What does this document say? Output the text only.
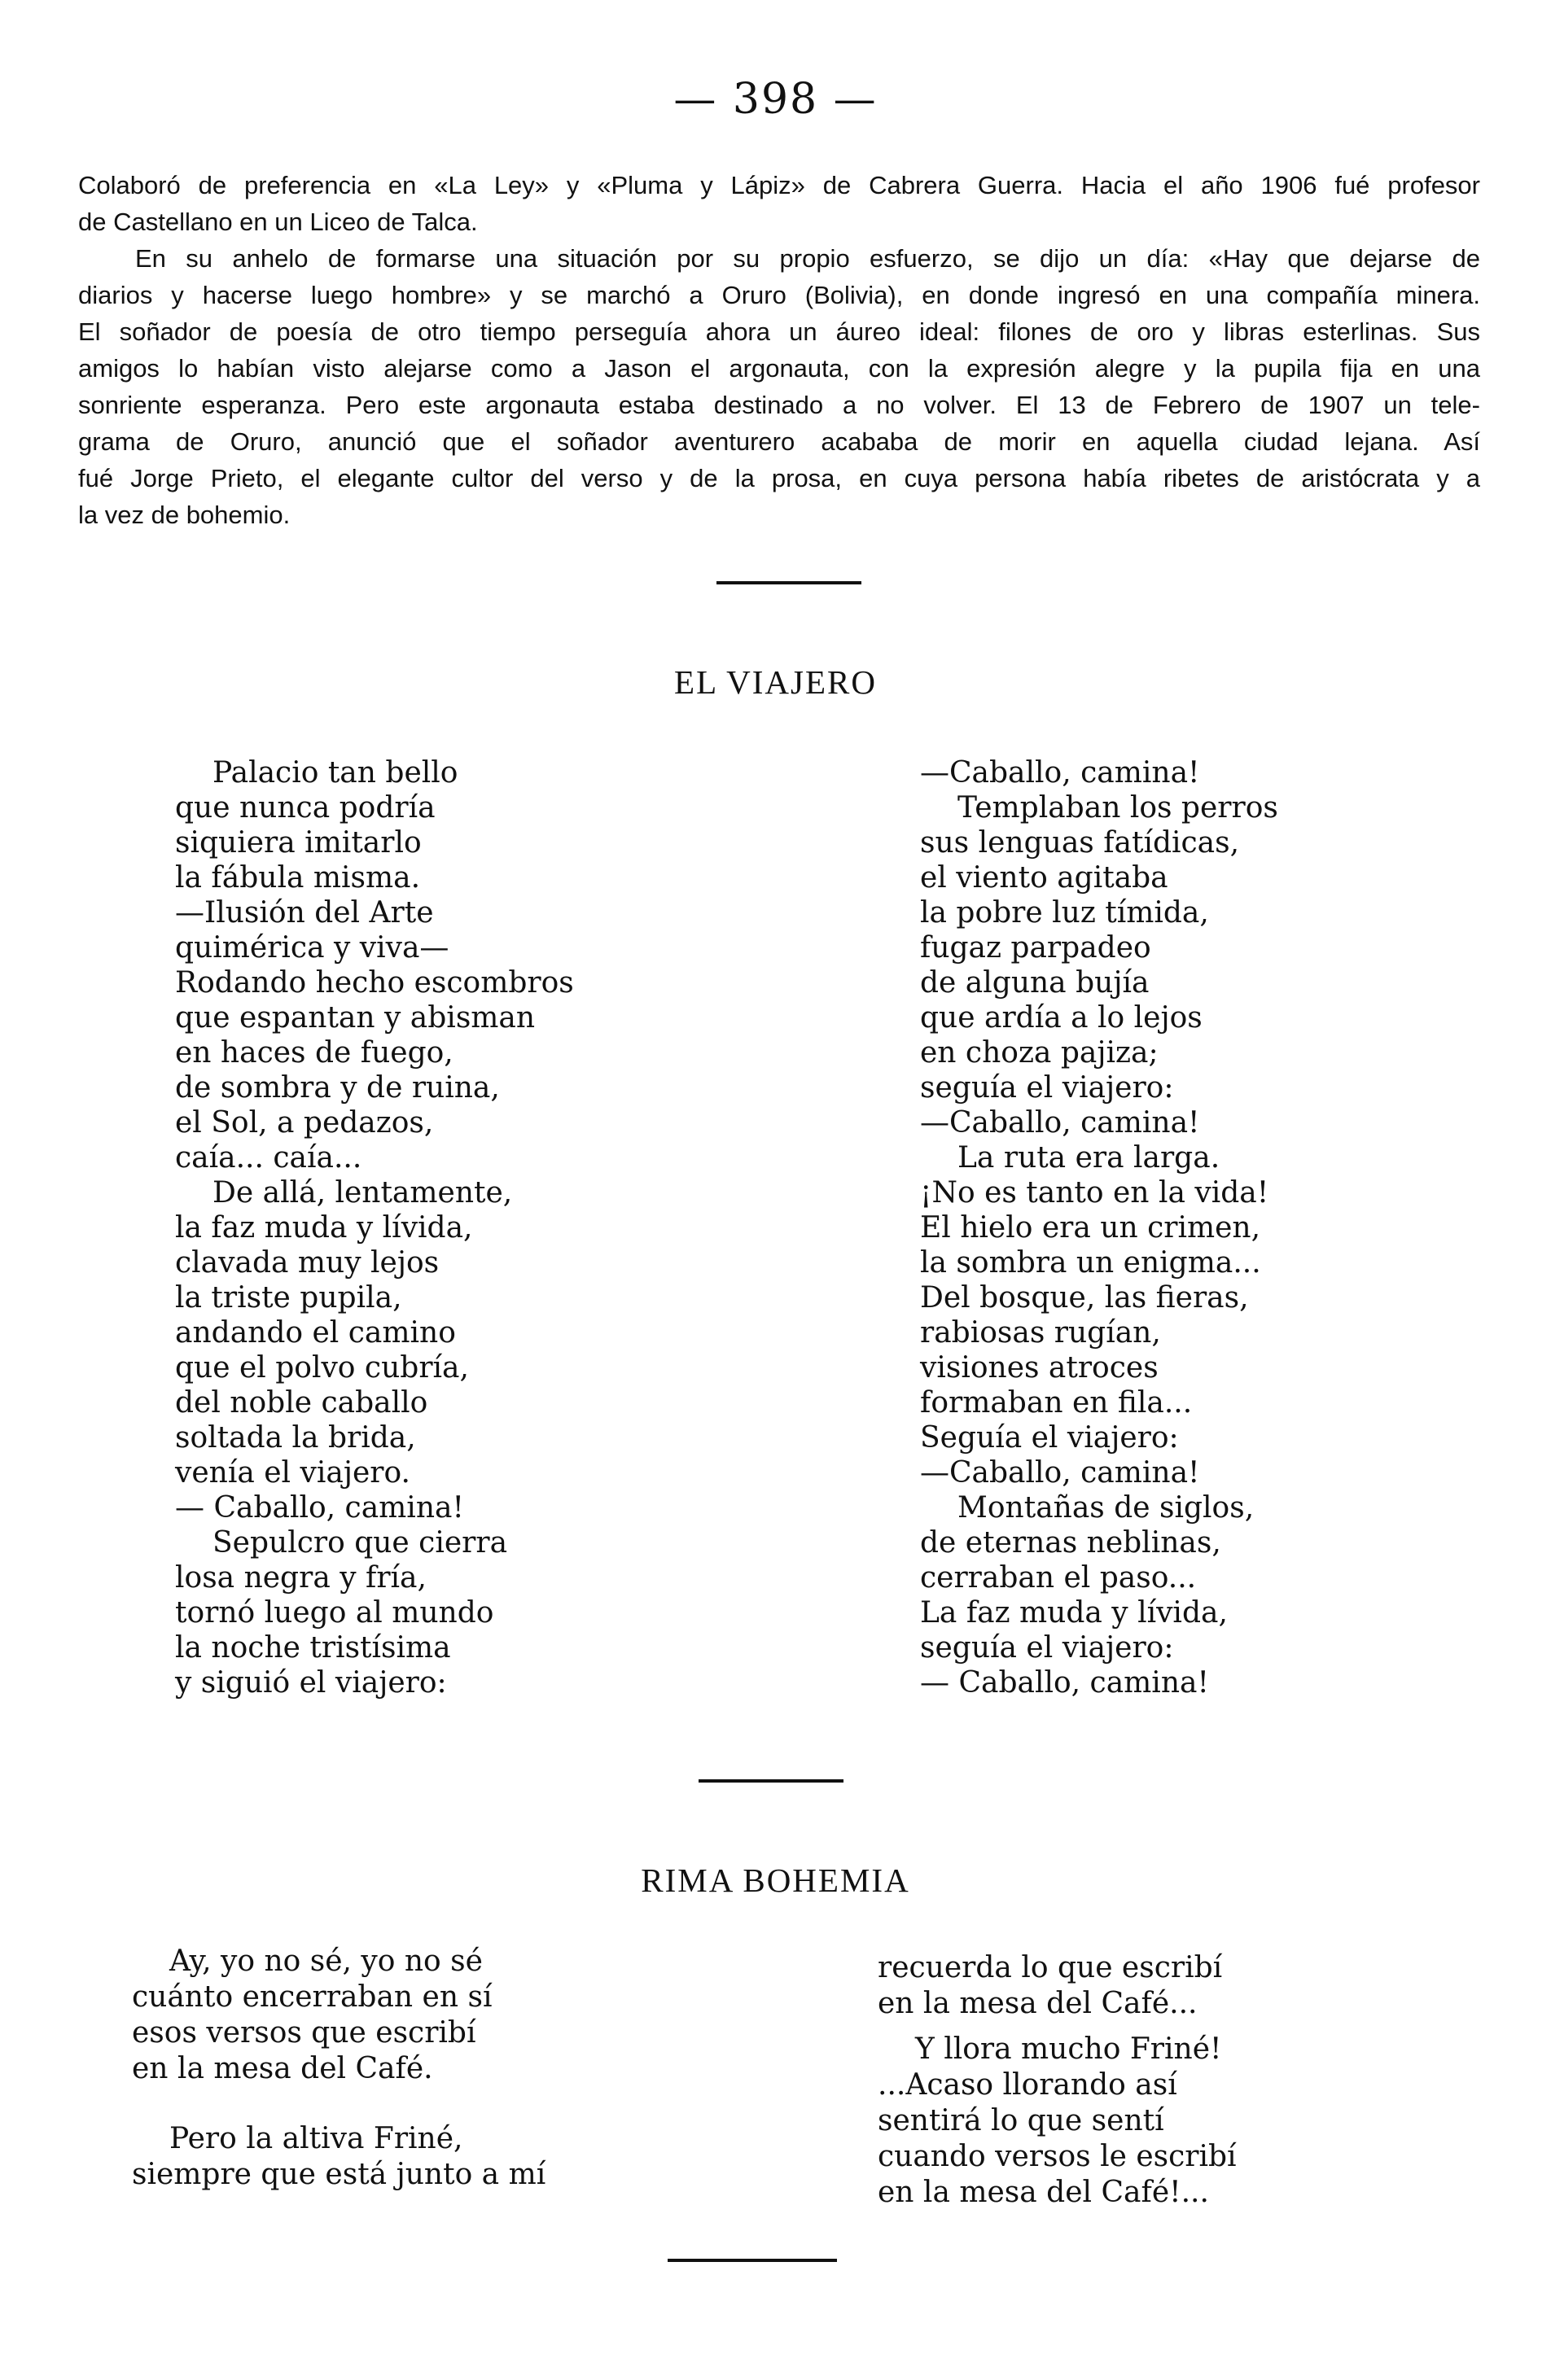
— 398 —
Colaboró de preferencia en «La Ley» y «Pluma y Lápiz» de Cabrera Guerra. Hacia el año 1906 fué profesor
de Castellano en un Liceo de Talca.
En su anhelo de formarse una situación por su propio esfuerzo, se dijo un día: «Hay que dejarse de
diarios y hacerse luego hombre» y se marchó a Oruro (Bolivia), en donde ingresó en una compañía minera.
El soñador de poesía de otro tiempo perseguía ahora un áureo ideal: filones de oro y libras esterlinas. Sus
amigos lo habían visto alejarse como a Jason el argonauta, con la expresión alegre y la pupila fija en una
sonriente esperanza. Pero este argonauta estaba destinado a no volver. El 13 de Febrero de 1907 un tele-
grama de Oruro, anunció que el soñador aventurero acababa de morir en aquella ciudad lejana. Así
fué Jorge Prieto, el elegante cultor del verso y de la prosa, en cuya persona había ribetes de aristócrata y a
la vez de bohemio.
EL VIAJERO
Palacio tan bello
que nunca podría
siquiera imitarlo
la fábula misma.
—Ilusión del Arte
quimérica y viva—
Rodando hecho escombros
que espantan y abisman
en haces de fuego,
de sombra y de ruina,
el Sol, a pedazos,
caía... caía...
De allá, lentamente,
la faz muda y lívida,
clavada muy lejos
la triste pupila,
andando el camino
que el polvo cubría,
del noble caballo
soltada la brida,
venía el viajero.
— Caballo, camina!
Sepulcro que cierra
losa negra y fría,
tornó luego al mundo
la noche tristísima
y siguió el viajero:
—Caballo, camina!
Templaban los perros
sus lenguas fatídicas,
el viento agitaba
la pobre luz tímida,
fugaz parpadeo
de alguna bujía
que ardía a lo lejos
en choza pajiza;
seguía el viajero:
—Caballo, camina!
La ruta era larga.
¡No es tanto en la vida!
El hielo era un crimen,
la sombra un enigma...
Del bosque, las fieras,
rabiosas rugían,
visiones atroces
formaban en fila...
Seguía el viajero:
—Caballo, camina!
Montañas de siglos,
de eternas neblinas,
cerraban el paso...
La faz muda y lívida,
seguía el viajero:
— Caballo, camina!
RIMA BOHEMIA
Ay, yo no sé, yo no sé
cuánto encerraban en sí
esos versos que escribí
en la mesa del Café.
Pero la altiva Friné,
siempre que está junto a mí
recuerda lo que escribí
en la mesa del Café...
Y llora mucho Friné!
...Acaso llorando así
sentirá lo que sentí
cuando versos le escribí
en la mesa del Café!...
